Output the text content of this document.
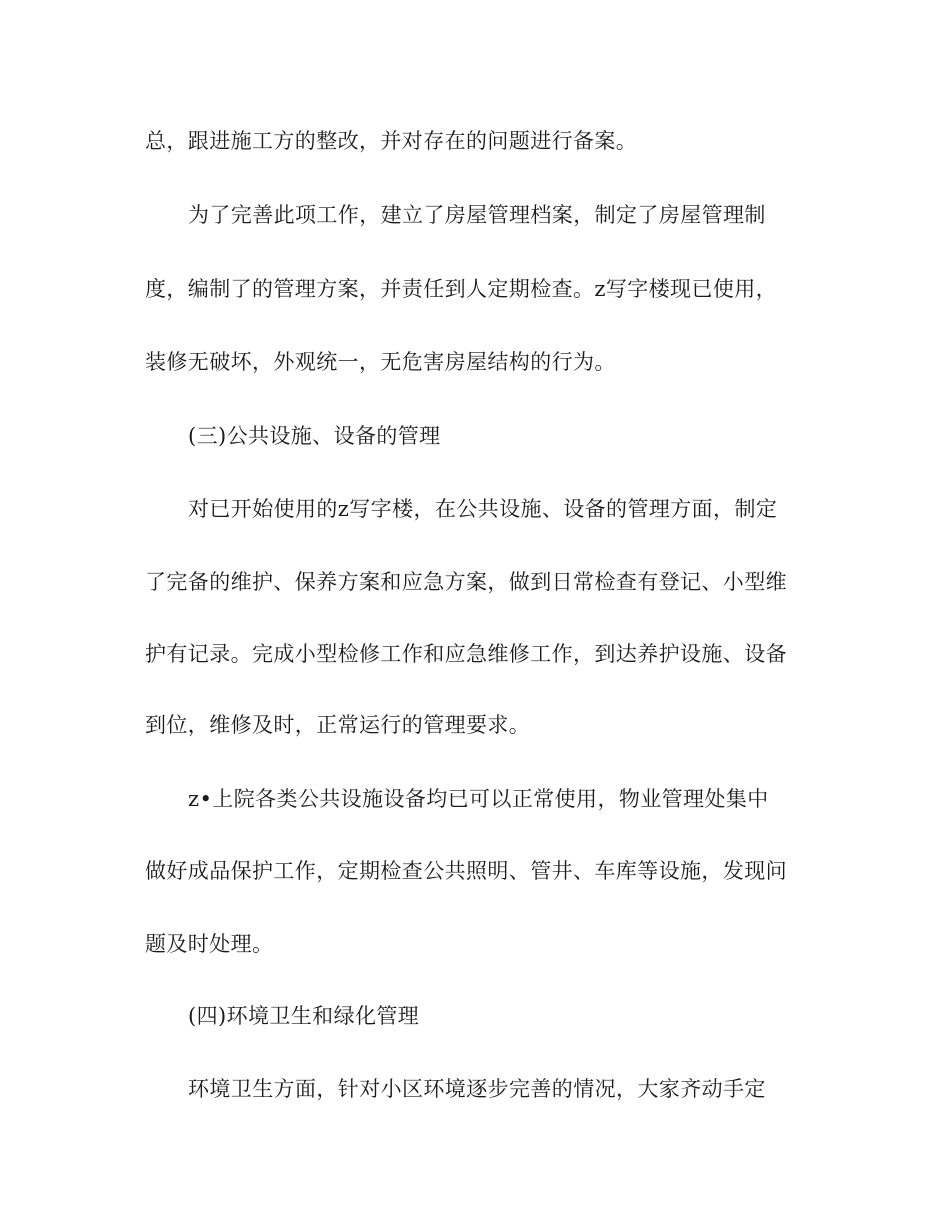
总，跟进施工方的整改，并对存在的问题进行备案。

为了完善此项工作，建立了房屋管理档案，制定了房屋管理制

度，编制了的管理方案，并责任到人定期检查。z写字楼现已使用，

装修无破坏，外观统一，无危害房屋结构的行为。

(三)公共设施、设备的管理

对已开始使用的z写字楼，在公共设施、设备的管理方面，制定

了完备的维护、保养方案和应急方案，做到日常检查有登记、小型维

护有记录。完成小型检修工作和应急维修工作，到达养护设施、设备

到位，维修及时，正常运行的管理要求。

z•上院各类公共设施设备均已可以正常使用，物业管理处集中

做好成品保护工作，定期检查公共照明、管井、车库等设施，发现问

题及时处理。

(四)环境卫生和绿化管理

环境卫生方面，针对小区环境逐步完善的情况，大家齐动手定
